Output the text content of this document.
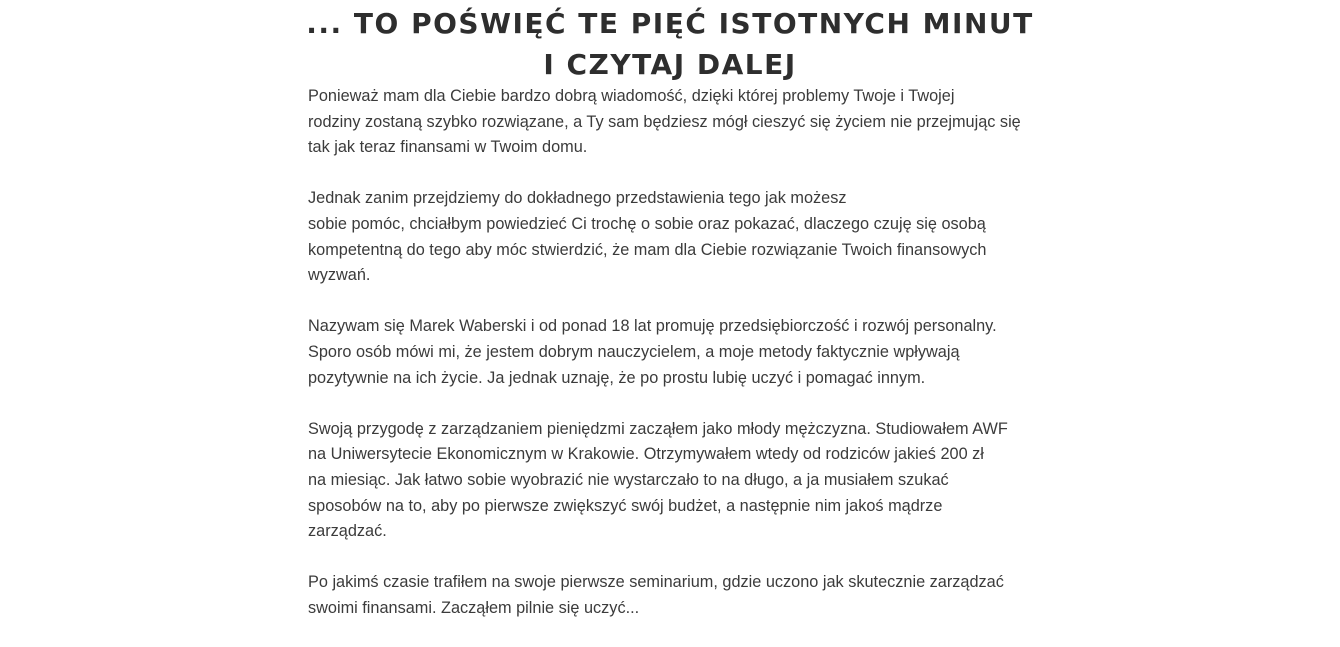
... TO POŚWIĘĆ TE PIĘĆ ISTOTNYCH MINUT
I CZYTAJ DALEJ

Ponieważ mam dla Ciebie bardzo dobrą wiadomość, dzięki której problemy Twoje i Twojej
rodziny zostaną szybko rozwiązane, a Ty sam będziesz mógł cieszyć się życiem nie przejmując się
tak jak teraz finansami w Twoim domu.

Jednak zanim przejdziemy do dokładnego przedstawienia tego jak możesz
sobie pomóc, chciałbym powiedzieć Ci trochę o sobie oraz pokazać, dlaczego czuję się osobą
kompetentną do tego aby móc stwierdzić, że mam dla Ciebie rozwiązanie Twoich finansowych
wyzwań.

Nazywam się Marek Waberski i od ponad 18 lat promuję przedsiębiorczość i rozwój personalny.
Sporo osób mówi mi, że jestem dobrym nauczycielem, a moje metody faktycznie wpływają
pozytywnie na ich życie. Ja jednak uznaję, że po prostu lubię uczyć i pomagać innym.

Swoją przygodę z zarządzaniem pieniędzmi zacząłem jako młody mężczyzna. Studiowałem AWF
na Uniwersytecie Ekonomicznym w Krakowie. Otrzymywałem wtedy od rodziców jakieś 200 zł
na miesiąc. Jak łatwo sobie wyobrazić nie wystarczało to na długo, a ja musiałem szukać
sposobów na to, aby po pierwsze zwiększyć swój budżet, a następnie nim jakoś mądrze
zarządzać.

Po jakimś czasie trafiłem na swoje pierwsze seminarium, gdzie uczono jak skutecznie zarządzać
swoimi finansami. Zacząłem pilnie się uczyć...
